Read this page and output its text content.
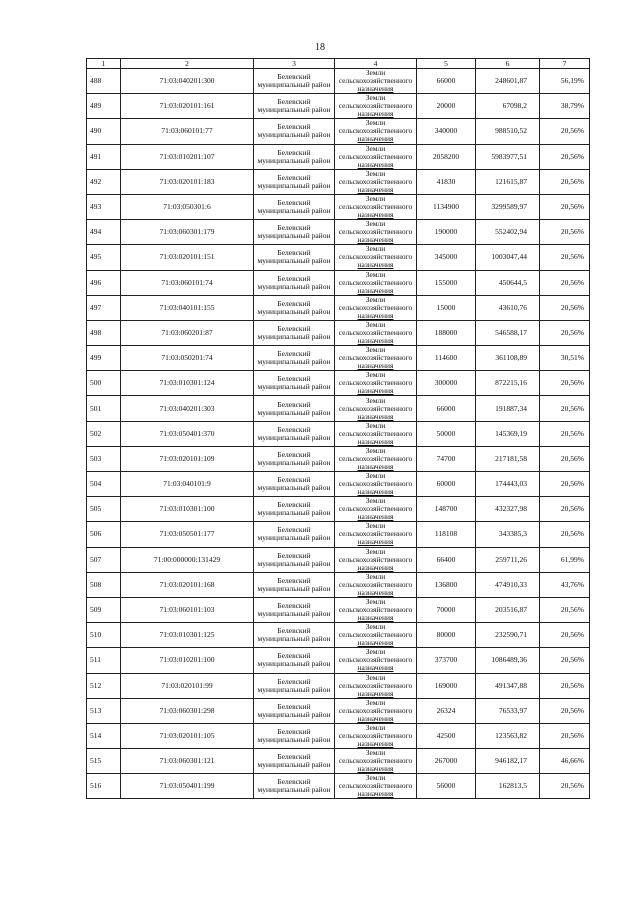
18
1	2	3	4	5	6	7
488	71:03:040201:300	Белевский
муниципальный район	Земли
сельскохозяйственного
назначения	66000	248601,87	56,19%
489	71:03:020101:161	Белевский
муниципальный район	Земли
сельскохозяйственного
назначения	20000	67098,2	38,79%
490	71:03:060101:77	Белевский
муниципальный район	Земли
сельскохозяйственного
назначения	340000	988510,52	20,56%
491	71:03:010201:107	Белевский
муниципальный район	Земли
сельскохозяйственного
назначения	2058200	5983977,51	20,56%
492	71:03:020101:183	Белевский
муниципальный район	Земли
сельскохозяйственного
назначения	41830	121615,87	20,56%
493	71:03:050301:6	Белевский
муниципальный район	Земли
сельскохозяйственного
назначения	1134900	3299589,97	20,56%
494	71:03:060301:179	Белевский
муниципальный район	Земли
сельскохозяйственного
назначения	190000	552402,94	20,56%
495	71:03:020101:151	Белевский
муниципальный район	Земли
сельскохозяйственного
назначения	345000	1003047,44	20,56%
496	71:03:060101:74	Белевский
муниципальный район	Земли
сельскохозяйственного
назначения	155000	450644,5	20,56%
497	71:03:040101:155	Белевский
муниципальный район	Земли
сельскохозяйственного
назначения	15000	43610,76	20,56%
498	71:03:060201:87	Белевский
муниципальный район	Земли
сельскохозяйственного
назначения	188000	546588,17	20,56%
499	71:03:050201:74	Белевский
муниципальный район	Земли
сельскохозяйственного
назначения	114600	361108,89	30,51%
500	71:03:010301:124	Белевский
муниципальный район	Земли
сельскохозяйственного
назначения	300000	872215,16	20,56%
501	71:03:040201:303	Белевский
муниципальный район	Земли
сельскохозяйственного
назначения	66000	191887,34	20,56%
502	71:03:050401:370	Белевский
муниципальный район	Земли
сельскохозяйственного
назначения	50000	145369,19	20,56%
503	71:03:020101:109	Белевский
муниципальный район	Земли
сельскохозяйственного
назначения	74700	217181,58	20,56%
504	71:03:040101:9	Белевский
муниципальный район	Земли
сельскохозяйственного
назначения	60000	174443,03	20,56%
505	71:03:010301:100	Белевский
муниципальный район	Земли
сельскохозяйственного
назначения	148700	432327,98	20,56%
506	71:03:050501:177	Белевский
муниципальный район	Земли
сельскохозяйственного
назначения	118108	343385,3	20,56%
507	71:00:000000:131429	Белевский
муниципальный район	Земли
сельскохозяйственного
назначения	66400	259711,26	61,99%
508	71:03:020101:168	Белевский
муниципальный район	Земли
сельскохозяйственного
назначения	136800	474910,33	43,76%
509	71:03:060101:103	Белевский
муниципальный район	Земли
сельскохозяйственного
назначения	70000	203516,87	20,56%
510	71:03:010301:125	Белевский
муниципальный район	Земли
сельскохозяйственного
назначения	80000	232590,71	20,56%
511	71:03:010201:100	Белевский
муниципальный район	Земли
сельскохозяйственного
назначения	373700	1086489,36	20,56%
512	71:03:020101:99	Белевский
муниципальный район	Земли
сельскохозяйственного
назначения	169000	491347,88	20,56%
513	71:03:060301:298	Белевский
муниципальный район	Земли
сельскохозяйственного
назначения	26324	76533,97	20,56%
514	71:03:020101:105	Белевский
муниципальный район	Земли
сельскохозяйственного
назначения	42500	123563,82	20,56%
515	71:03:060301:121	Белевский
муниципальный район	Земли
сельскохозяйственного
назначения	267000	946182,17	46,66%
516	71:03:050401:199	Белевский
муниципальный район	Земли
сельскохозяйственного
назначения	56000	162813,5	20,56%
